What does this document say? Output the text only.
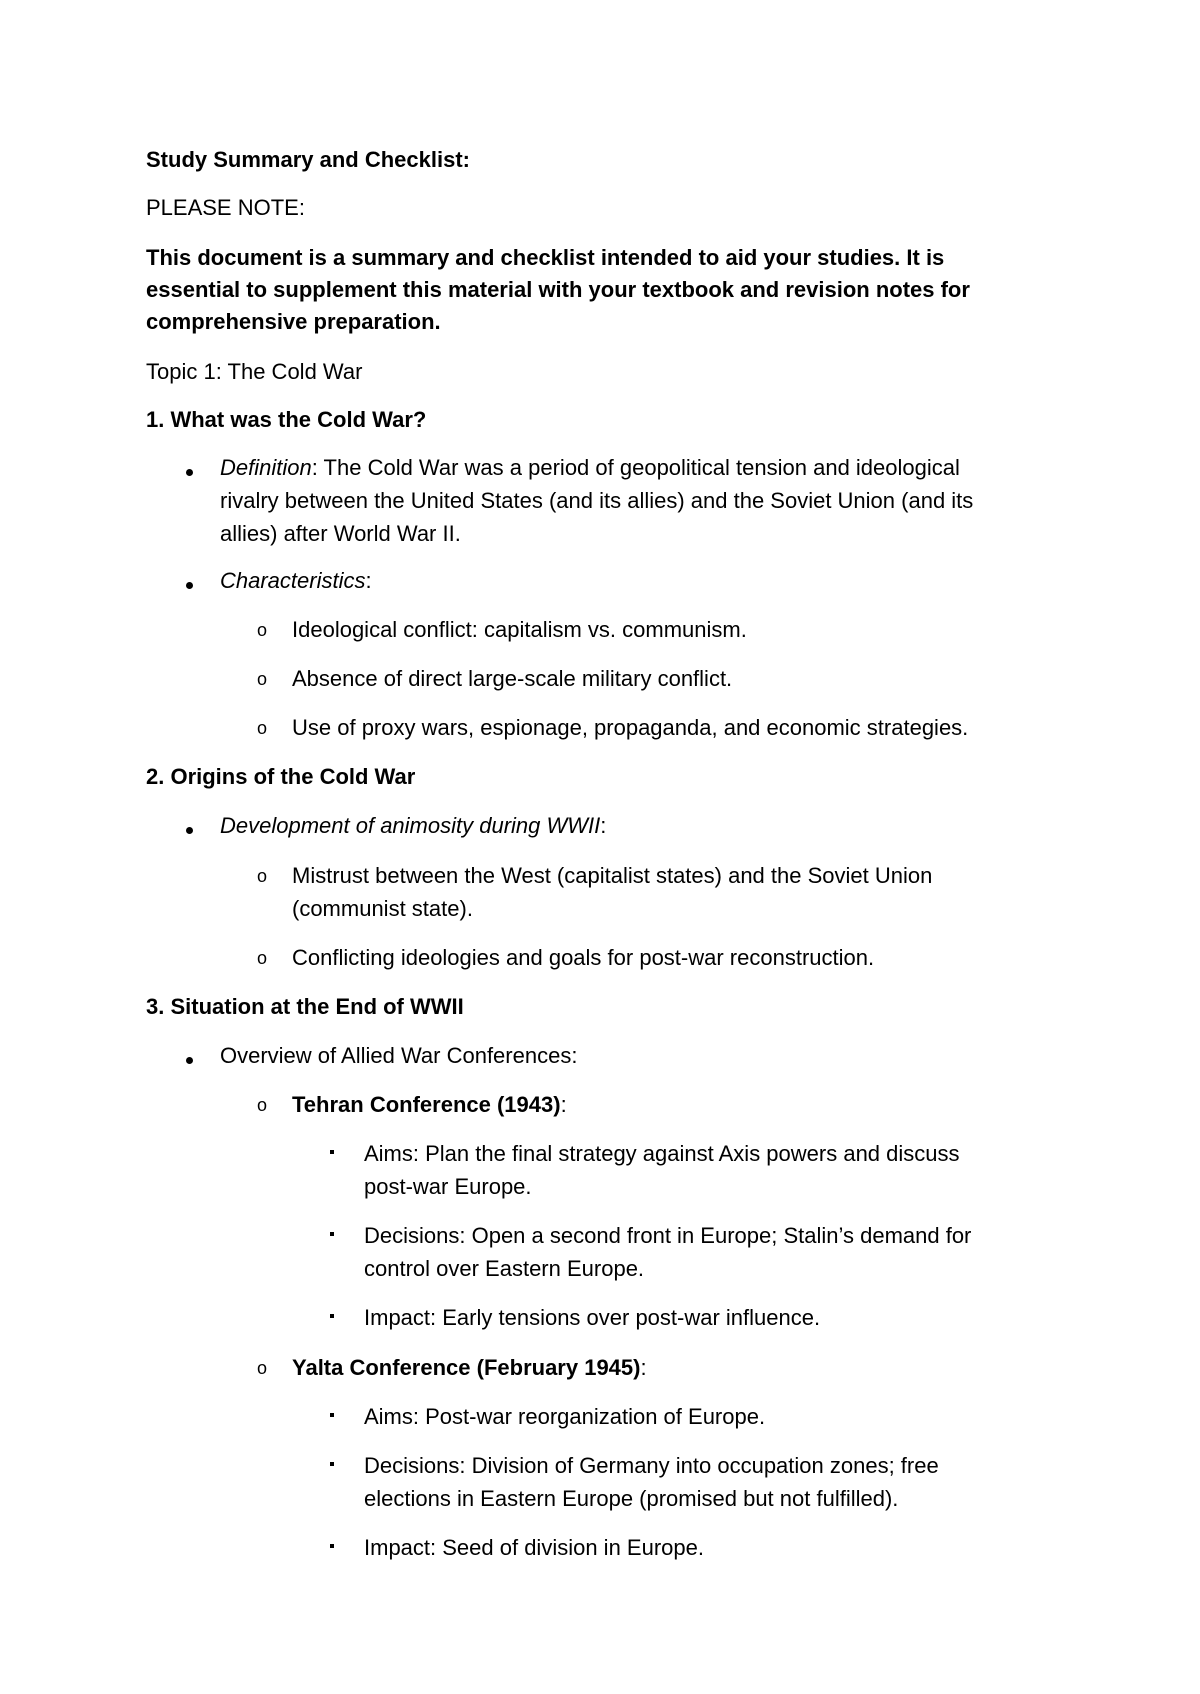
Study Summary and Checklist:
PLEASE NOTE:
This document is a summary and checklist intended to aid your studies. It is
essential to supplement this material with your textbook and revision notes for
comprehensive preparation.
Topic 1: The Cold War
1. What was the Cold War?
Definition: The Cold War was a period of geopolitical tension and ideological
rivalry between the United States (and its allies) and the Soviet Union (and its
allies) after World War II.
Characteristics:
o Ideological conflict: capitalism vs. communism.
o Absence of direct large-scale military conflict.
o Use of proxy wars, espionage, propaganda, and economic strategies.
2. Origins of the Cold War
Development of animosity during WWII:
o Mistrust between the West (capitalist states) and the Soviet Union
(communist state).
o Conflicting ideologies and goals for post-war reconstruction.
3. Situation at the End of WWII
Overview of Allied War Conferences:
o Tehran Conference (1943):
Aims: Plan the final strategy against Axis powers and discuss
post-war Europe.
Decisions: Open a second front in Europe; Stalin’s demand for
control over Eastern Europe.
Impact: Early tensions over post-war influence.
o Yalta Conference (February 1945):
Aims: Post-war reorganization of Europe.
Decisions: Division of Germany into occupation zones; free
elections in Eastern Europe (promised but not fulfilled).
Impact: Seed of division in Europe.
